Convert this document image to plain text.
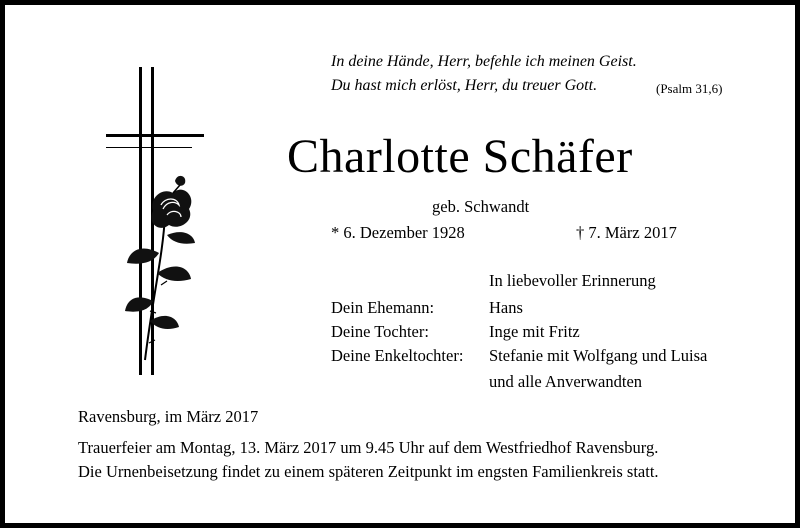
In deine Hände, Herr, befehle ich meinen Geist.
Du hast mich erlöst, Herr, du treuer Gott.	(Psalm 31,6)
Charlotte Schäfer
geb. Schwandt
* 6. Dezember 1928	† 7. März 2017
In liebevoller Erinnerung
Dein Ehemann:	Hans
Deine Tochter:	Inge mit Fritz
Deine Enkeltochter: Stefanie mit Wolfgang und Luisa
und alle Anverwandten
Ravensburg, im März 2017
Trauerfeier am Montag, 13. März 2017 um 9.45 Uhr auf dem Westfriedhof Ravensburg.
Die Urnenbeisetzung findet zu einem späteren Zeitpunkt im engsten Familienkreis statt.
